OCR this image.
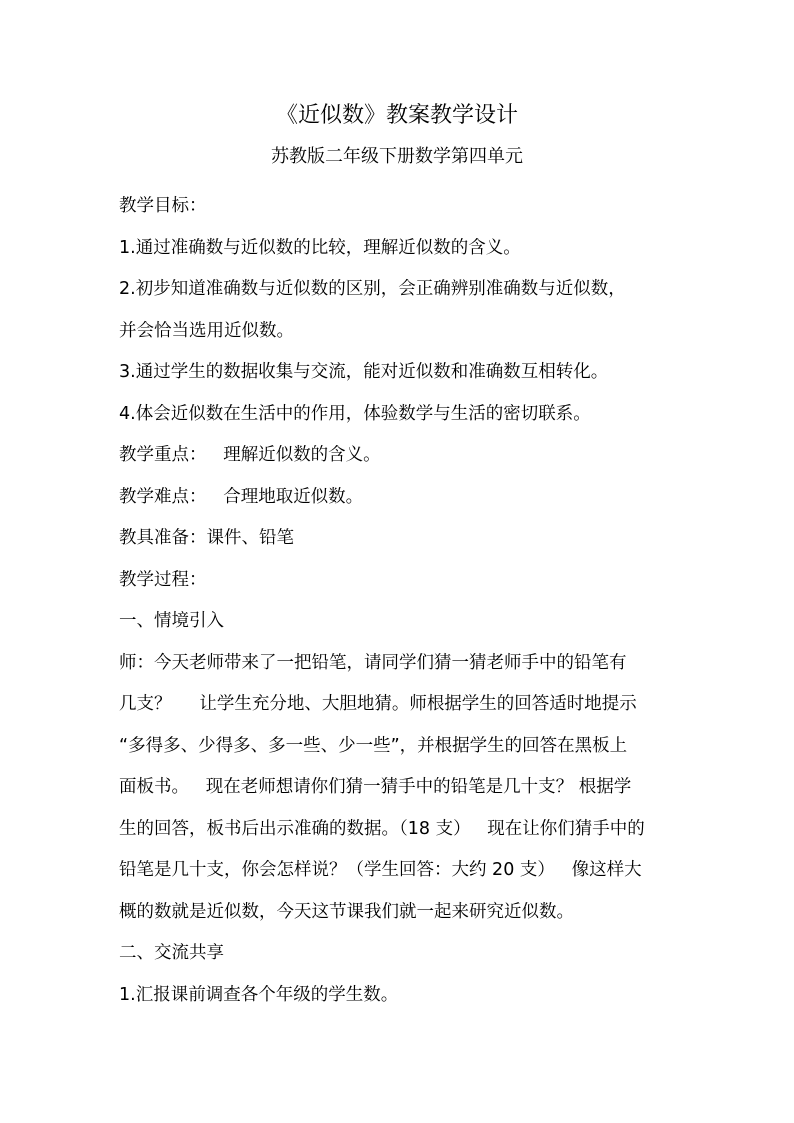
《近似数》教案教学设计
苏教版二年级下册数学第四单元
教学目标：
1.通过准确数与近似数的比较，理解近似数的含义。
2.初步知道准确数与近似数的区别，会正确辨别准确数与近似数，
并会恰当选用近似数。
3.通过学生的数据收集与交流，能对近似数和准确数互相转化。
4.体会近似数在生活中的作用，体验数学与生活的密切联系。
教学重点：   理解近似数的含义。
教学难点：   合理地取近似数。
教具准备：课件、铅笔
教学过程：
一、情境引入
师：今天老师带来了一把铅笔，请同学们猜一猜老师手中的铅笔有
几支？     让学生充分地、大胆地猜。师根据学生的回答适时地提示
“多得多、少得多、多一些、少一些”，并根据学生的回答在黑板上
面板书。   现在老师想请你们猜一猜手中的铅笔是几十支？ 根据学
生的回答，板书后出示准确的数据。（18 支）   现在让你们猜手中的
铅笔是几十支，你会怎样说？（学生回答：大约 20 支）   像这样大
概的数就是近似数，今天这节课我们就一起来研究近似数。
二、交流共享
1.汇报课前调查各个年级的学生数。
